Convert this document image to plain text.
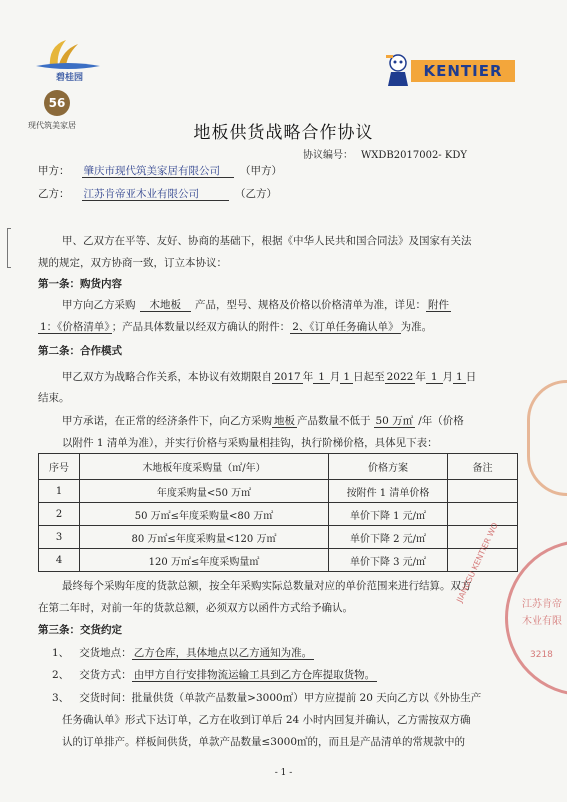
碧桂园
56
现代筑美家居
KENTIER
地板供货战略合作协议
协议编号： WXDB2017002- KDY
甲方： 肇庆市现代筑美家居有限公司 （甲方）
乙方： 江苏肯帝亚木业有限公司	（乙方）
甲、乙双方在平等、友好、协商的基础下，根据《中华人民共和国合同法》及国家有关法
规的规定，双方协商一致，订立本协议：
第一条：购货内容
甲方向乙方采购 木地板 产品，型号、规格及价格以价格清单为准，详见： 附件
1：《价格清单》 ；产品具体数量以经双方确认的附件： 2、《订单任务确认单》 为准。
第二条：合作模式
甲乙双方为战略合作关系，本协议有效期限自 2017 年 1 月 1 日起至 2022 年 1 月 1 日
结束。
甲方承诺，在正常的经济条件下，向乙方采购 地板 产品数量不低于 50 万㎡ /年（价格
以附件 1 清单为准），并实行价格与采购量相挂钩，执行阶梯价格，具体见下表：
序号	木地板年度采购量（㎡/年）	价格方案	备注
1	年度采购量<50 万㎡	按附件 1 清单价格	
2	50 万㎡≤年度采购量<80 万㎡	单价下降 1 元/㎡	
3	80 万㎡≤年度采购量<120 万㎡	单价下降 2 元/㎡	
4	120 万㎡≤年度采购量㎡	单价下降 3 元/㎡	
最终每个采购年度的货款总额，按全年采购实际总数量对应的单价范围来进行结算。双方
在第二年时，对前一年的货款总额，必须双方以函件方式给予确认。
第三条：交货约定
1、 交货地点： 乙方仓库，具体地点以乙方通知为准。
2、 交货方式： 由甲方自行安排物流运输工具到乙方仓库提取货物。
3、 交货时间：批量供货（单款产品数量>3000㎡）甲方应提前 20 天向乙方以《外协生产
任务确认单》形式下达订单，乙方在收到订单后 24 小时内回复并确认，乙方需按双方确
认的订单排产。样板间供货，单款产品数量≤3000㎡的，而且是产品清单的常规款中的
- 1 -
江苏肯帝
木业有限
3218
JIANGSU KENTIER WO
